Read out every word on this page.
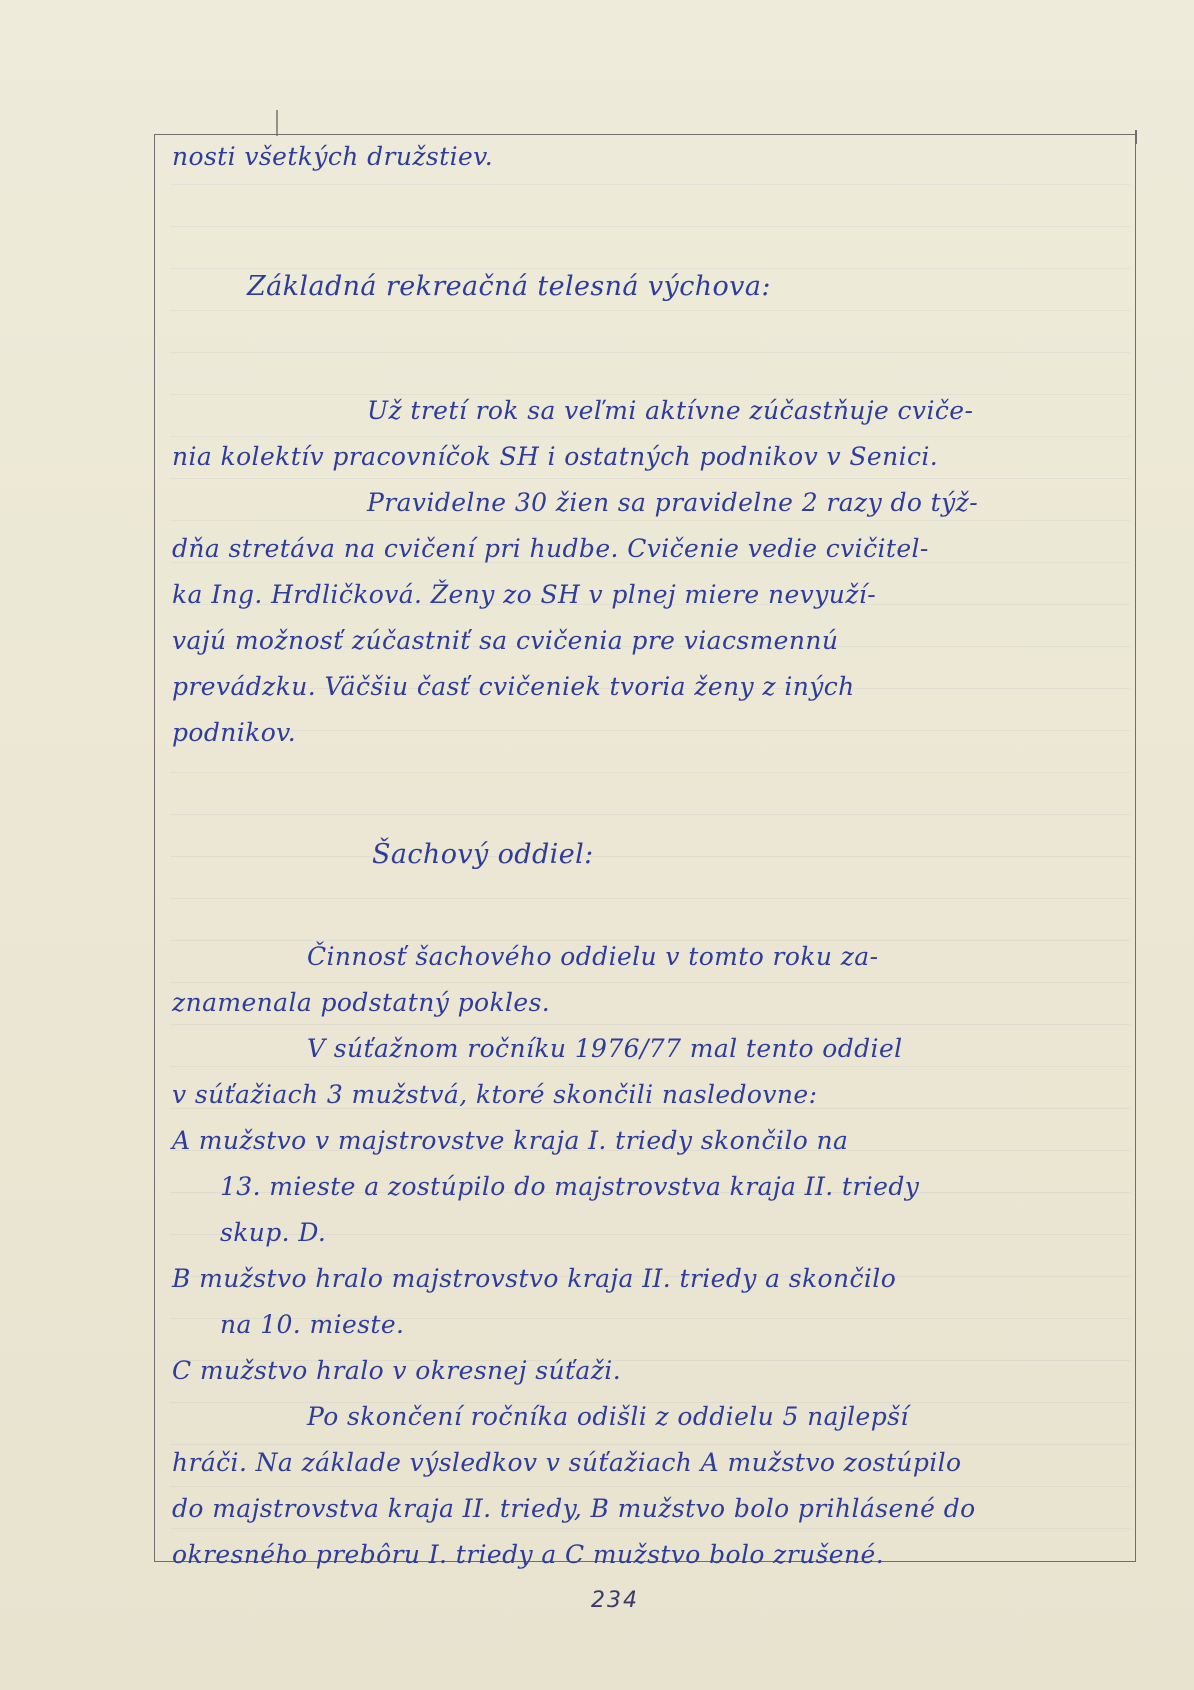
nosti všetkých družstiev.
Základná rekreačná telesná výchova:
Už tretí rok sa veľmi aktívne zúčastňuje cvičе-
nia kolektív pracovníčok SH i ostatných podnikov v Senici.
Pravidelne 30 žien sa pravidelne 2 razy do týž-
dňa stretáva na cvičení pri hudbe. Cvičenie vedie cvičitel-
ka Ing. Hrdličková. Ženy zo SH v plnej miere nevyuží-
vajú možnosť zúčastniť sa cvičenia pre viacsmennú
prevádzku. Väčšiu časť cvičeniek tvoria ženy z iných
podnikov.
Šachový oddiel:
Činnosť šachového oddielu v tomto roku za-
znamenala podstatný pokles.
V súťažnom ročníku 1976/77 mal tento oddiel
v súťažiach 3 mužstvá, ktoré skončili nasledovne:
A mužstvo v majstrovstve kraja I. triedy skončilo na
13. mieste a zostúpilo do majstrovstva kraja II. triedy
skup. D.
B mužstvo hralo majstrovstvo kraja II. triedy a skončilo
na 10. mieste.
C mužstvo hralo v okresnej súťaži.
Po skončení ročníka odišli z oddielu 5 najlepší
hráči. Na základe výsledkov v súťažiach A mužstvo zostúpilo
do majstrovstva kraja II. triedy, B mužstvo bolo prihlásené do
okresného prebôru I. triedy a C mužstvo bolo zrušené.
234
